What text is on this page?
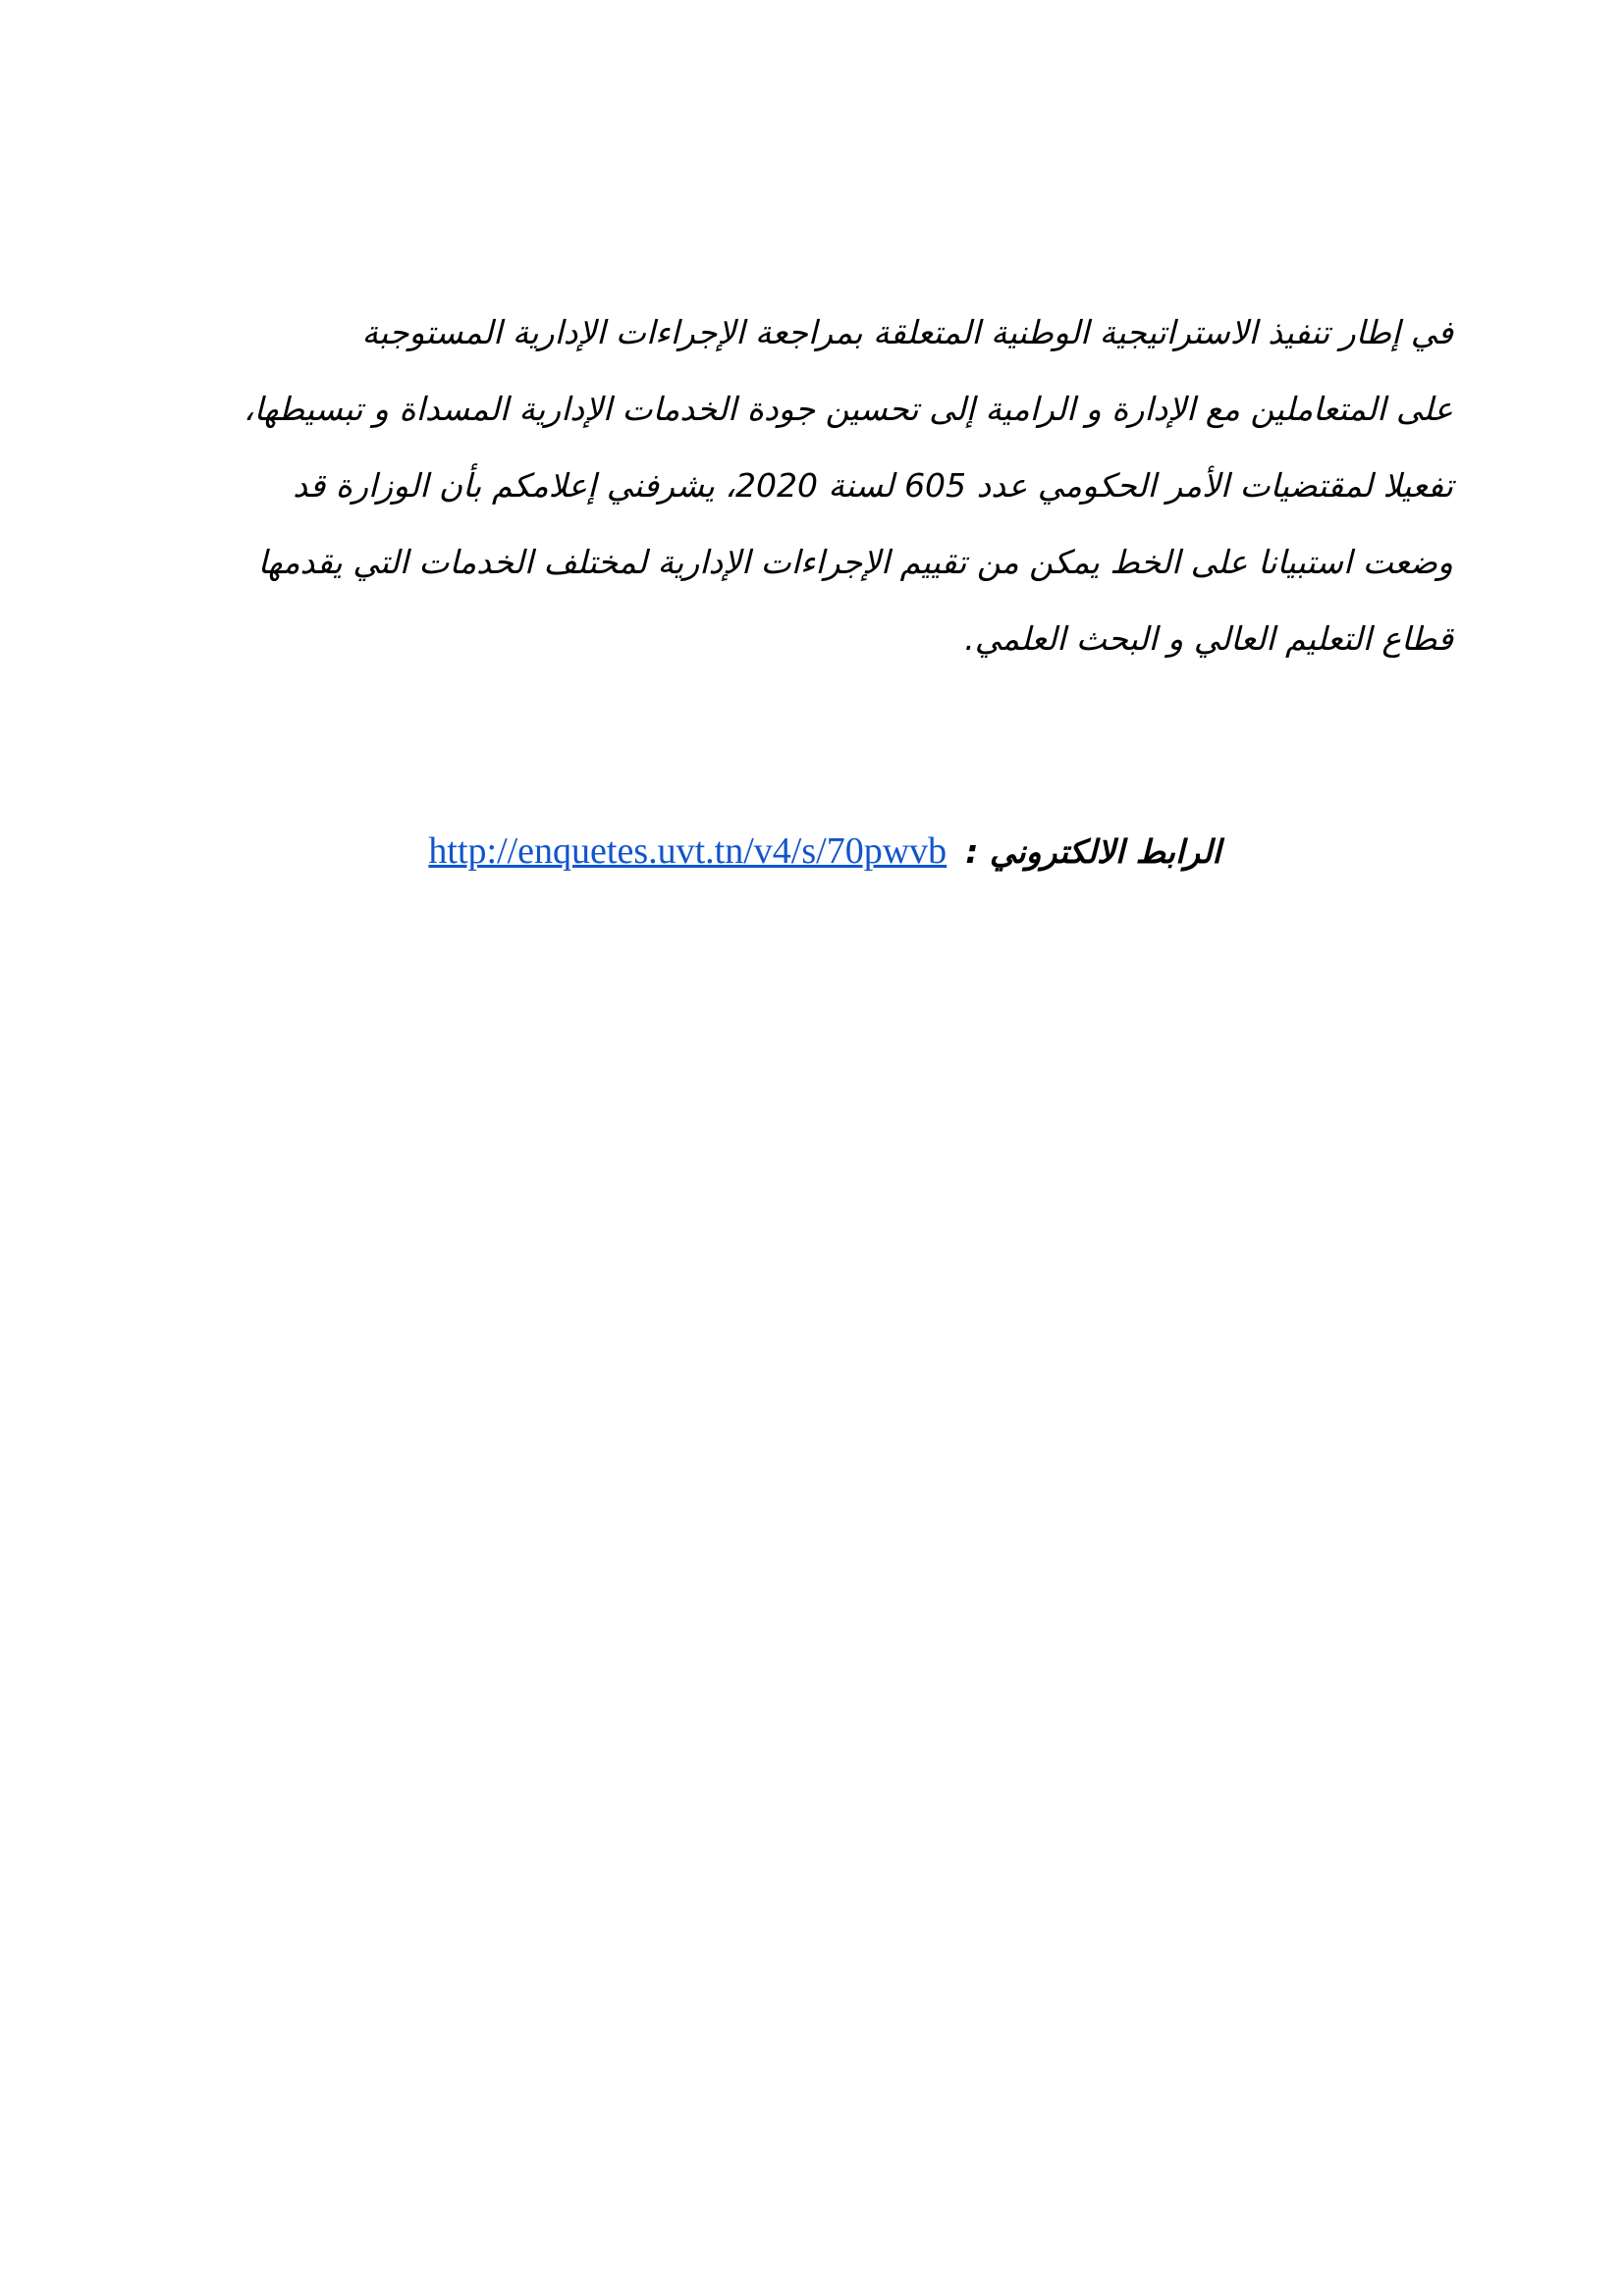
في إطار تنفيذ الاستراتيجية الوطنية المتعلقة بمراجعة الإجراءات الإدارية المستوجبة
على المتعاملين مع الإدارة و الرامية إلى تحسين جودة الخدمات الإدارية المسداة و تبسيطها،
تفعيلا لمقتضيات الأمر الحكومي عدد 605 لسنة 2020، يشرفني إعلامكم بأن الوزارة قد
وضعت استبيانا على الخط يمكن من تقييم الإجراءات الإدارية لمختلف الخدمات التي يقدمها
قطاع التعليم العالي و البحث العلمي.
http://enquetes.uvt.tn/v4/s/70pwvb الرابط الالكتروني :
